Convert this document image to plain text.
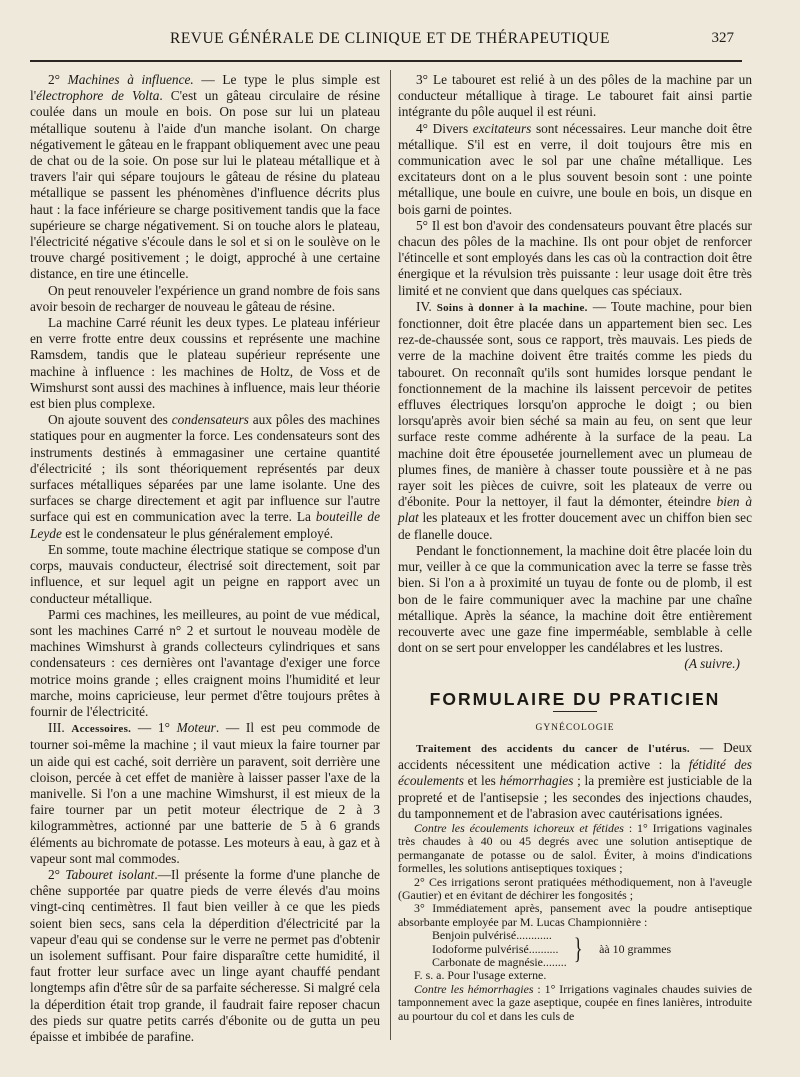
REVUE GÉNÉRALE DE CLINIQUE ET DE THÉRAPEUTIQUE	327

2° Machines à influence. — Le type le plus simple est l'électrophore de Volta. C'est un gâteau circulaire de résine coulée dans un moule en bois. On pose sur lui un plateau métallique soutenu à l'aide d'un manche isolant. On charge négativement le gâteau en le frappant obliquement avec une peau de chat ou de la soie. On pose sur lui le plateau métallique et à travers l'air qui sépare toujours le gâteau de résine du plateau métallique se passent les phénomènes d'influence décrits plus haut : la face inférieure se charge positivement tandis que la face supérieure se charge négativement. Si on touche alors le plateau, l'électricité négative s'écoule dans le sol et si on le soulève on le trouve chargé positivement ; le doigt, approché à une certaine distance, en tire une étincelle.

On peut renouveler l'expérience un grand nombre de fois sans avoir besoin de recharger de nouveau le gâteau de résine.

La machine Carré réunit les deux types. Le plateau inférieur en verre frotte entre deux coussins et représente une machine Ramsdem, tandis que le plateau supérieur représente une machine à influence : les machines de Holtz, de Voss et de Wimshurst sont aussi des machines à influence, mais leur théorie est bien plus complexe.

On ajoute souvent des condensateurs aux pôles des machines statiques pour en augmenter la force. Les condensateurs sont des instruments destinés à emmagasiner une certaine quantité d'électricité ; ils sont théoriquement représentés par deux surfaces métalliques séparées par une lame isolante. Une des surfaces se charge directement et agit par influence sur l'autre surface qui est en communication avec la terre. La bouteille de Leyde est le condensateur le plus généralement employé.

En somme, toute machine électrique statique se compose d'un corps, mauvais conducteur, électrisé soit directement, soit par influence, et sur lequel agit un peigne en rapport avec un conducteur métallique.

Parmi ces machines, les meilleures, au point de vue médical, sont les machines Carré n° 2 et surtout le nouveau modèle de machines Wimshurst à grands collecteurs cylindriques et sans condensateurs : ces dernières ont l'avantage d'exiger une force motrice moins grande ; elles craignent moins l'humidité et leur marche, moins capricieuse, leur permet d'être toujours prêtes à fournir de l'électricité.

III. Accessoires. — 1° Moteur. — Il est peu commode de tourner soi-même la machine ; il vaut mieux la faire tourner par un aide qui est caché, soit derrière un paravent, soit derrière une cloison, percée à cet effet de manière à laisser passer l'axe de la manivelle. Si l'on a une machine Wimshurst, il est mieux de la faire tourner par un petit moteur électrique de 2 à 3 kilogrammètres, actionné par une batterie de 5 à 6 grands éléments au bichromate de potasse. Les moteurs à eau, à gaz et à vapeur sont mal commodes.

2° Tabouret isolant.—Il présente la forme d'une planche de chêne supportée par quatre pieds de verre élevés d'au moins vingt-cinq centimètres. Il faut bien veiller à ce que les pieds soient bien secs, sans cela la déperdition d'électricité par la vapeur d'eau qui se condense sur le verre ne permet pas d'obtenir un isolement suffisant. Pour faire disparaître cette humidité, il faut frotter leur surface avec un linge ayant chauffé pendant longtemps afin d'être sûr de sa parfaite sécheresse. Si malgré cela la déperdition était trop grande, il faudrait faire reposer chacun des pieds sur quatre petits carrés d'ébonite ou de gutta un peu épaisse et imbibée de parafine.

3° Le tabouret est relié à un des pôles de la machine par un conducteur métallique à tirage. Le tabouret fait ainsi partie intégrante du pôle auquel il est réuni.

4° Divers excitateurs sont nécessaires. Leur manche doit être métallique. S'il est en verre, il doit toujours être mis en communication avec le sol par une chaîne métallique. Les excitateurs dont on a le plus souvent besoin sont : une pointe métallique, une boule en cuivre, une boule en bois, un disque en bois garni de pointes.

5° Il est bon d'avoir des condensateurs pouvant être placés sur chacun des pôles de la machine. Ils ont pour objet de renforcer l'étincelle et sont employés dans les cas où la contraction doit être énergique et la révulsion très puissante : leur usage doit être très limité et ne convient que dans quelques cas spéciaux.

IV. Soins à donner à la machine. — Toute machine, pour bien fonctionner, doit être placée dans un appartement bien sec. Les rez-de-chaussée sont, sous ce rapport, très mauvais. Les pieds de verre de la machine doivent être traités comme les pieds du tabouret. On reconnaît qu'ils sont humides lorsque pendant le fonctionnement de la machine ils laissent percevoir de petites effluves électriques lorsqu'on approche le doigt ; ou bien lorsqu'après avoir bien séché sa main au feu, on sent que leur surface reste comme adhérente à la surface de la peau. La machine doit être épousetée journellement avec un plumeau de plumes fines, de manière à chasser toute poussière et à ne pas rayer soit les pièces de cuivre, soit les plateaux de verre ou d'ébonite. Pour la nettoyer, il faut la démonter, éteindre bien à plat les plateaux et les frotter doucement avec un chiffon bien sec de flanelle douce.

Pendant le fonctionnement, la machine doit être placée loin du mur, veiller à ce que la communication avec la terre se fasse très bien. Si l'on a à proximité un tuyau de fonte ou de plomb, il est bon de le faire communiquer avec la machine par une chaîne métallique. Après la séance, la machine doit être entièrement recouverte avec une gaze fine imperméable, semblable à celle dont on se sert pour envelopper les candélabres et les lustres.

(A suivre.)

FORMULAIRE DU PRATICIEN
GYNÉCOLOGIE

Traitement des accidents du cancer de l'utérus. — Deux accidents nécessitent une médication active : la fétidité des écoulements et les hémorrhagies ; la première est justiciable de la propreté et de l'antisepsie ; les secondes des injections chaudes, du tamponnement et de l'abrasion avec cautérisations ignées.

Contre les écoulements ichoreux et fétides : 1° Irrigations vaginales très chaudes à 40 ou 45 degrés avec une solution antiseptique de permanganate de potasse ou de salol. Éviter, à moins d'indications formelles, les solutions antiseptiques toxiques ;

2° Ces irrigations seront pratiquées méthodiquement, non à l'aveugle (Gautier) et en évitant de déchirer les fongosités ;

3° Immédiatement après, pansement avec la poudre antiseptique absorbante employée par M. Lucas Championnière :

Benjoin pulvérisé............
Iodoforme pulvérisé..........
Carbonate de magnésie........ }	àà 10 grammes

F. s. a. Pour l'usage externe.

Contre les hémorrhagies : 1° Irrigations vaginales chaudes suivies de tamponnement avec la gaze aseptique, coupée en fines lanières, introduite au pourtour du col et dans les culs de
